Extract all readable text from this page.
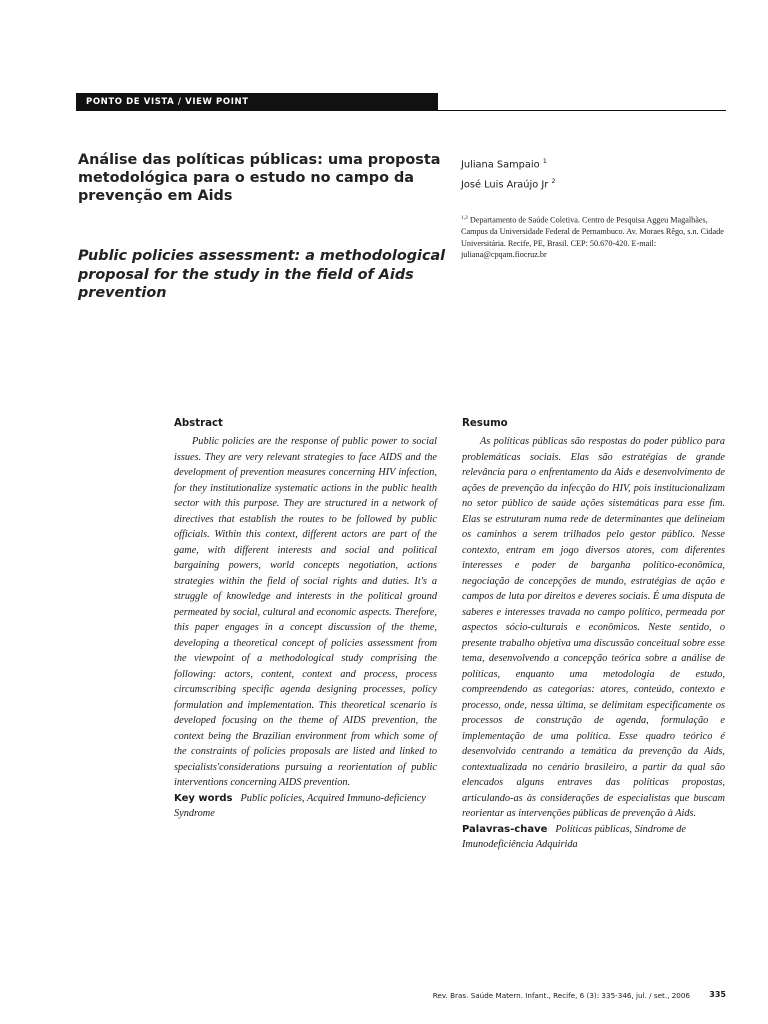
PONTO DE VISTA / VIEW POINT
Análise das políticas públicas: uma proposta metodológica para o estudo no campo da prevenção em Aids
Public policies assessment: a methodological proposal for the study in the field of Aids prevention
Juliana Sampaio $^1$
José Luis Araújo Jr $^2$
$^{1,2}$ Departamento de Saúde Coletiva. Centro de Pesquisa Aggeu Magalhães, Campus da Universidade Federal de Pernambuco. Av. Moraes Rêgo, s.n. Cidade Universitária. Recife, PE, Brasil. CEP: 50.670-420. E-mail: juliana@cpqam.fiocruz.br
Abstract

Public policies are the response of public power to social issues. They are very relevant strategies to face AIDS and the development of prevention measures concerning HIV infection, for they institutionalize systematic actions in the public health sector with this purpose. They are structured in a network of directives that establish the routes to be followed by public officials. Within this context, different actors are part of the game, with different interests and social and political bargaining powers, world concepts negotiation, actions strategies within the field of social rights and duties. It's a struggle of knowledge and interests in the political ground permeated by social, cultural and economic aspects. Therefore, this paper engages in a concept discussion of the theme, developing a theoretical concept of policies assessment from the viewpoint of a methodological study comprising the following: actors, content, context and process, process circumscribing specific agenda designing processes, policy formulation and implementation. This theoretical scenario is developed focusing on the theme of AIDS prevention, the context being the Brazilian environment from which some of the constraints of policies proposals are listed and linked to specialists'considerations pursuing a reorientation of public interventions concerning AIDS prevention.

Key words Public policies, Acquired Immuno-deficiency Syndrome

Resumo

As políticas públicas são respostas do poder público para problemáticas sociais. Elas são estratégias de grande relevância para o enfrentamento da Aids e desenvolvimento de ações de prevenção da infecção do HIV, pois institucionalizam no setor público de saúde ações sistemáticas para esse fim. Elas se estruturam numa rede de determinantes que delineiam os caminhos a serem trilhados pelo gestor público. Nesse contexto, entram em jogo diversos atores, com diferentes interesses e poder de barganha político-econômica, negociação de concepções de mundo, estratégias de ação e campos de luta por direitos e deveres sociais. É uma disputa de saberes e interesses travada no campo político, permeada por aspectos sócio-culturais e econômicos. Neste sentido, o presente trabalho objetiva uma discussão conceitual sobre esse tema, desenvolvendo a concepção teórica sobre a análise de políticas, enquanto uma metodologia de estudo, compreendendo as categorias: atores, conteúdo, contexto e processo, onde, nessa última, se delimitam especificamente os processos de construção de agenda, formulação e implementação de uma política. Esse quadro teórico é desenvolvido centrando a temática da prevenção da Aids, contextualizada no cenário brasileiro, a partir da qual são elencados alguns entraves das políticas propostas, articulando-as às considerações de especialistas que buscam reorientar as intervenções públicas de prevenção à Aids.

Palavras-chave Políticas públicas, Síndrome de Imunodeficiência Adquirida

Rev. Bras. Saúde Matern. Infant., Recife, 6 (3): 335-346, jul. / set., 2006 335
